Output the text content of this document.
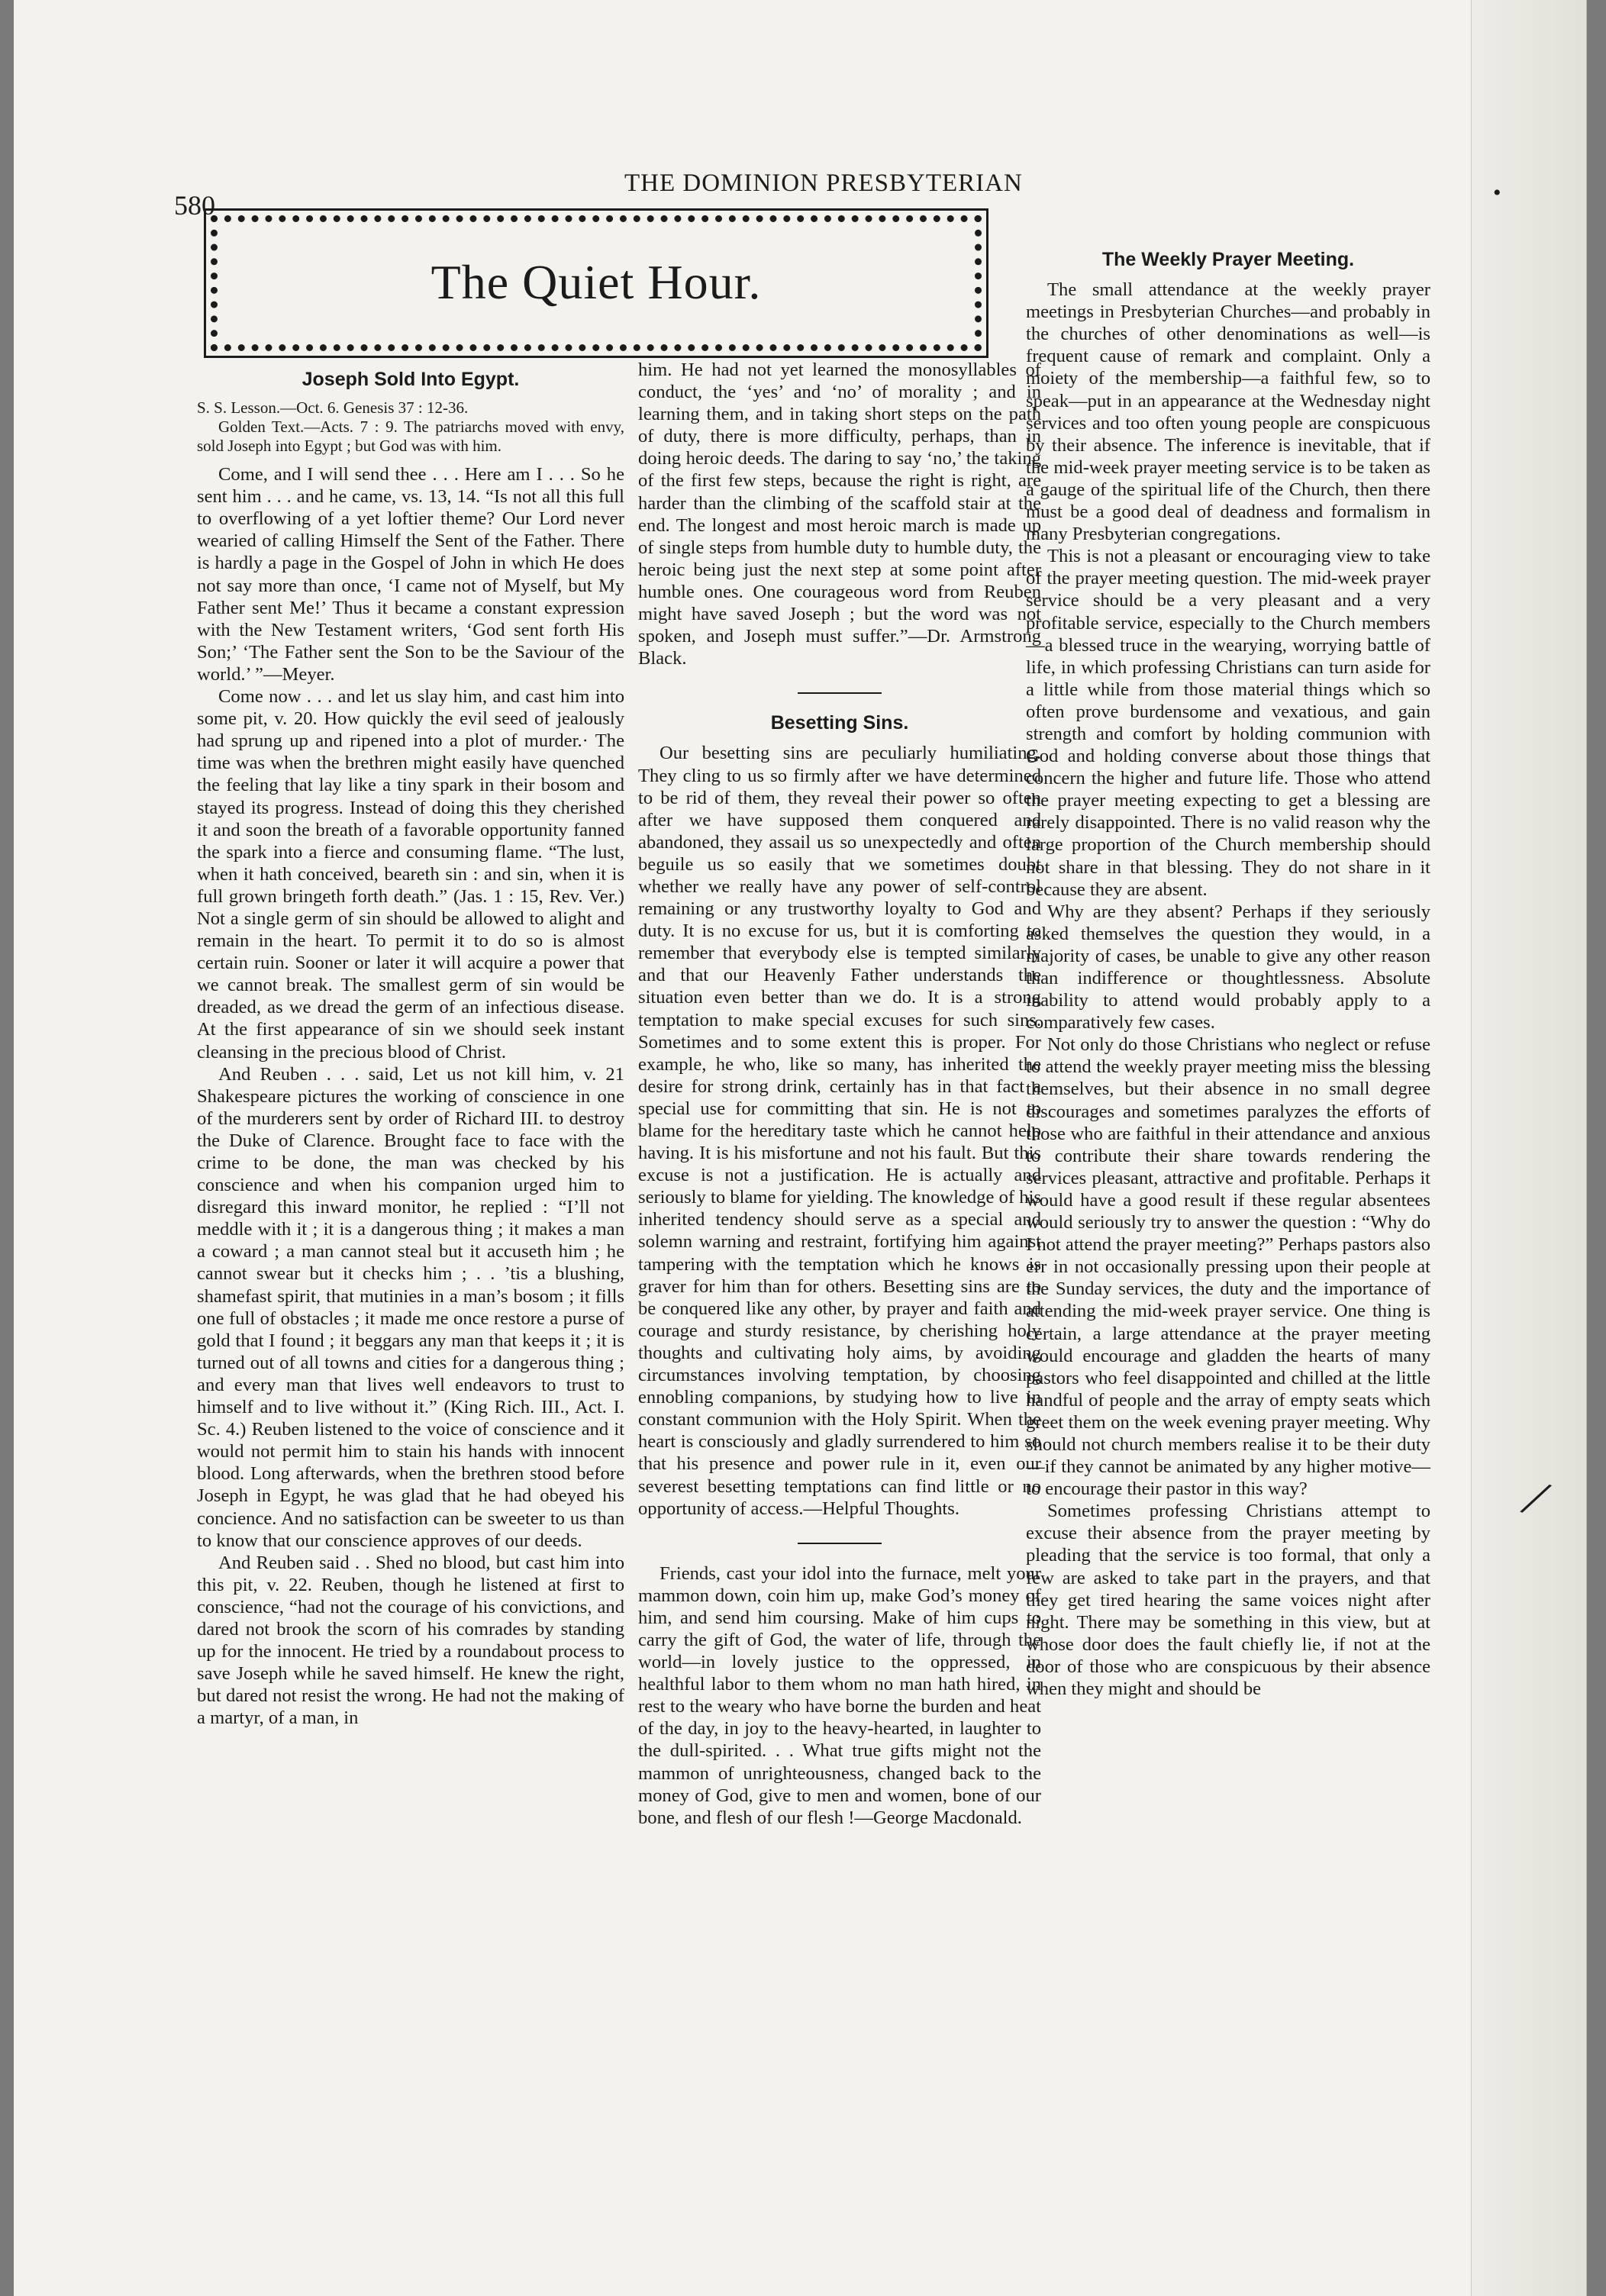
580
THE DOMINION PRESBYTERIAN	•
The Quiet Hour.
Joseph Sold Into Egypt.

S. S. Lesson.—Oct. 6. Genesis 37 : 12-36.

Golden Text.—Acts. 7 : 9. The patriarchs moved with envy, sold Joseph into Egypt ; but God was with him.

Come, and I will send thee . . . Here am I . . . So he sent him . . . and he came, vs. 13, 14. “Is not all this full to overflowing of a yet loftier theme? Our Lord never wearied of calling Himself the Sent of the Father. There is hardly a page in the Gospel of John in which He does not say more than once, ‘I came not of Myself, but My Father sent Me!’ Thus it became a constant expression with the New Testament writers, ‘God sent forth His Son;’ ‘The Father sent the Son to be the Saviour of the world.’ ”—Meyer.

Come now . . . and let us slay him, and cast him into some pit, v. 20. How quickly the evil seed of jealously had sprung up and ripened into a plot of murder.· The time was when the brethren might easily have quenched the feeling that lay like a tiny spark in their bosom and stayed its progress. Instead of doing this they cherished it and soon the breath of a favorable opportunity fanned the spark into a fierce and consuming flame. “The lust, when it hath conceived, beareth sin : and sin, when it is full grown bringeth forth death.” (Jas. 1 : 15, Rev. Ver.) Not a single germ of sin should be allowed to alight and remain in the heart. To permit it to do so is almost certain ruin. Sooner or later it will acquire a power that we cannot break. The smallest germ of sin would be dreaded, as we dread the germ of an infectious disease. At the first appearance of sin we should seek instant cleansing in the precious blood of Christ.

And Reuben . . . said, Let us not kill him, v. 21 Shakespeare pictures the working of conscience in one of the murderers sent by order of Richard III. to destroy the Duke of Clarence. Brought face to face with the crime to be done, the man was checked by his conscience and when his companion urged him to disregard this inward monitor, he replied : “I’ll not meddle with it ; it is a dangerous thing ; it makes a man a coward ; a man cannot steal but it accuseth him ; he cannot swear but it checks him ; . . ’tis a blushing, shamefast spirit, that mutinies in a man’s bosom ; it fills one full of obstacles ; it made me once restore a purse of gold that I found ; it beggars any man that keeps it ; it is turned out of all towns and cities for a dangerous thing ; and every man that lives well endeavors to trust to himself and to live without it.” (King Rich. III., Act. I. Sc. 4.) Reuben listened to the voice of conscience and it would not permit him to stain his hands with innocent blood. Long afterwards, when the brethren stood before Joseph in Egypt, he was glad that he had obeyed his concience. And no satisfaction can be sweeter to us than to know that our conscience approves of our deeds.

And Reuben said . . Shed no blood, but cast him into this pit, v. 22. Reuben, though he listened at first to conscience, “had not the courage of his convictions, and dared not brook the scorn of his comrades by standing up for the innocent. He tried by a roundabout process to save Joseph while he saved himself. He knew the right, but dared not resist the wrong. He had not the making of a martyr, of a man, in

him. He had not yet learned the monosyllables of conduct, the ‘yes’ and ‘no’ of morality ; and in learning them, and in taking short steps on the path of duty, there is more difficulty, perhaps, than in doing heroic deeds. The daring to say ‘no,’ the taking of the first few steps, because the right is right, are harder than the climbing of the scaffold stair at the end. The longest and most heroic march is made up of single steps from humble duty to humble duty, the heroic being just the next step at some point after humble ones. One courageous word from Reuben might have saved Joseph ; but the word was not spoken, and Joseph must suffer.”—Dr. Armstrong Black.

Besetting Sins.

Our besetting sins are peculiarly humiliating. They cling to us so firmly after we have determined to be rid of them, they reveal their power so often after we have supposed them conquered and abandoned, they assail us so unexpectedly and often beguile us so easily that we sometimes doubt whether we really have any power of self-control remaining or any trustworthy loyalty to God and duty. It is no excuse for us, but it is comforting to remember that everybody else is tempted similarly and that our Heavenly Father understands the situation even better than we do. It is a strong temptation to make special excuses for such sins. Sometimes and to some extent this is proper. For example, he who, like so many, has inherited the desire for strong drink, certainly has in that fact a special use for committing that sin. He is not to blame for the hereditary taste which he cannot help having. It is his misfortune and not his fault. But this excuse is not a justification. He is actually and seriously to blame for yielding. The knowledge of his inherited tendency should serve as a special and solemn warning and restraint, fortifying him against tampering with the temptation which he knows is graver for him than for others. Besetting sins are to be conquered like any other, by prayer and faith and courage and sturdy resistance, by cherishing holy thoughts and cultivating holy aims, by avoiding circumstances involving temptation, by choosing ennobling companions, by studying how to live in constant communion with the Holy Spirit. When the heart is consciously and gladly surrendered to him so that his presence and power rule in it, even our severest besetting temptations can find little or no opportunity of access.—Helpful Thoughts.

Friends, cast your idol into the furnace, melt your mammon down, coin him up, make God’s money of him, and send him coursing. Make of him cups to carry the gift of God, the water of life, through the world—in lovely justice to the oppressed, in healthful labor to them whom no man hath hired, in rest to the weary who have borne the burden and heat of the day, in joy to the heavy-hearted, in laughter to the dull-spirited. . . What true gifts might not the mammon of unrighteousness, changed back to the money of God, give to men and women, bone of our bone, and flesh of our flesh !—George Macdonald.

The Weekly Prayer Meeting.

The small attendance at the weekly prayer meetings in Presbyterian Churches—and probably in the churches of other denominations as well—is frequent cause of remark and complaint. Only a moiety of the membership—a faithful few, so to speak—put in an appearance at the Wednesday night services and too often young people are conspicuous by their absence. The inference is inevitable, that if the mid-week prayer meeting service is to be taken as a gauge of the spiritual life of the Church, then there must be a good deal of deadness and formalism in many Presbyterian congregations.

This is not a pleasant or encouraging view to take of the prayer meeting question. The mid-week prayer service should be a very pleasant and a very profitable service, especially to the Church members—a blessed truce in the wearying, worrying battle of life, in which professing Christians can turn aside for a little while from those material things which so often prove burdensome and vexatious, and gain strength and comfort by holding communion with God and holding converse about those things that concern the higher and future life. Those who attend the prayer meeting expecting to get a blessing are rarely disappointed. There is no valid reason why the large proportion of the Church membership should not share in that blessing. They do not share in it because they are absent.

Why are they absent? Perhaps if they seriously asked themselves the question they would, in a majority of cases, be unable to give any other reason than indifference or thoughtlessness. Absolute inability to attend would probably apply to a comparatively few cases.

Not only do those Christians who neglect or refuse to attend the weekly prayer meeting miss the blessing themselves, but their absence in no small degree discourages and sometimes paralyzes the efforts of those who are faithful in their attendance and anxious to contribute their share towards rendering the services pleasant, attractive and profitable. Perhaps it would have a good result if these regular absentees would seriously try to answer the question : “Why do I not attend the prayer meeting?” Perhaps pastors also err in not occasionally pressing upon their people at the Sunday services, the duty and the importance of attending the mid-week prayer service. One thing is certain, a large attendance at the prayer meeting would encourage and gladden the hearts of many pastors who feel disappointed and chilled at the little handful of people and the array of empty seats which greet them on the week evening prayer meeting. Why should not church members realise it to be their duty—if they cannot be animated by any higher motive—to encourage their pastor in this way?

Sometimes professing Christians attempt to excuse their absence from the prayer meeting by pleading that the service is too formal, that only a few are asked to take part in the prayers, and that they get tired hearing the same voices night after night. There may be something in this view, but at whose door does the fault chiefly lie, if not at the door of those who are conspicuous by their absence when they might and should be

╱
